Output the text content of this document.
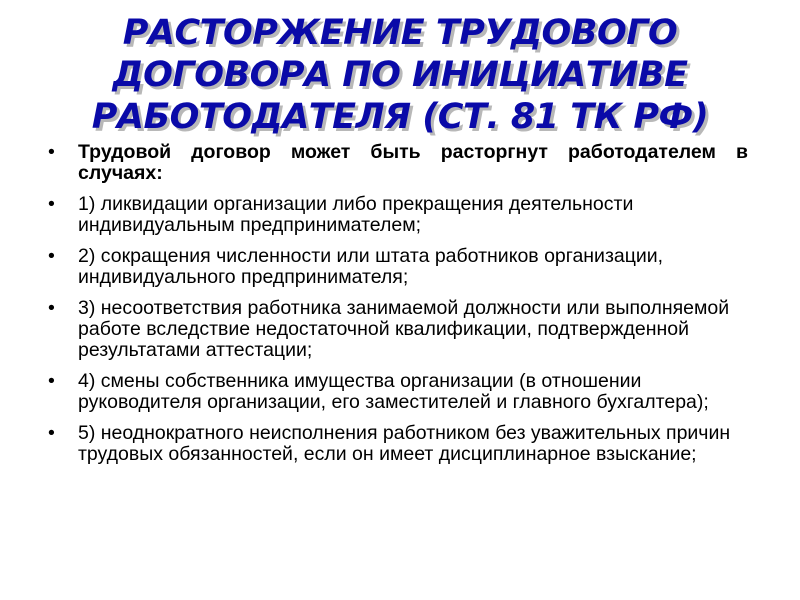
РАСТОРЖЕНИЕ ТРУДОВОГО
ДОГОВОРА ПО ИНИЦИАТИВЕ
РАБОТОДАТЕЛЯ (СТ. 81 ТК РФ)
•	Трудовой договор может быть расторгнут работодателем в случаях:
•	1) ликвидации организации либо прекращения деятельности индивидуальным предпринимателем;
•	2) сокращения численности или штата работников организации, индивидуального предпринимателя;
•	3) несоответствия работника занимаемой должности или выполняемой работе вследствие недостаточной квалификации, подтвержденной результатами аттестации;
•	4) смены собственника имущества организации (в отношении руководителя организации, его заместителей и главного бухгалтера);
•	5) неоднократного неисполнения работником без уважительных причин трудовых обязанностей, если он имеет дисциплинарное взыскание;
